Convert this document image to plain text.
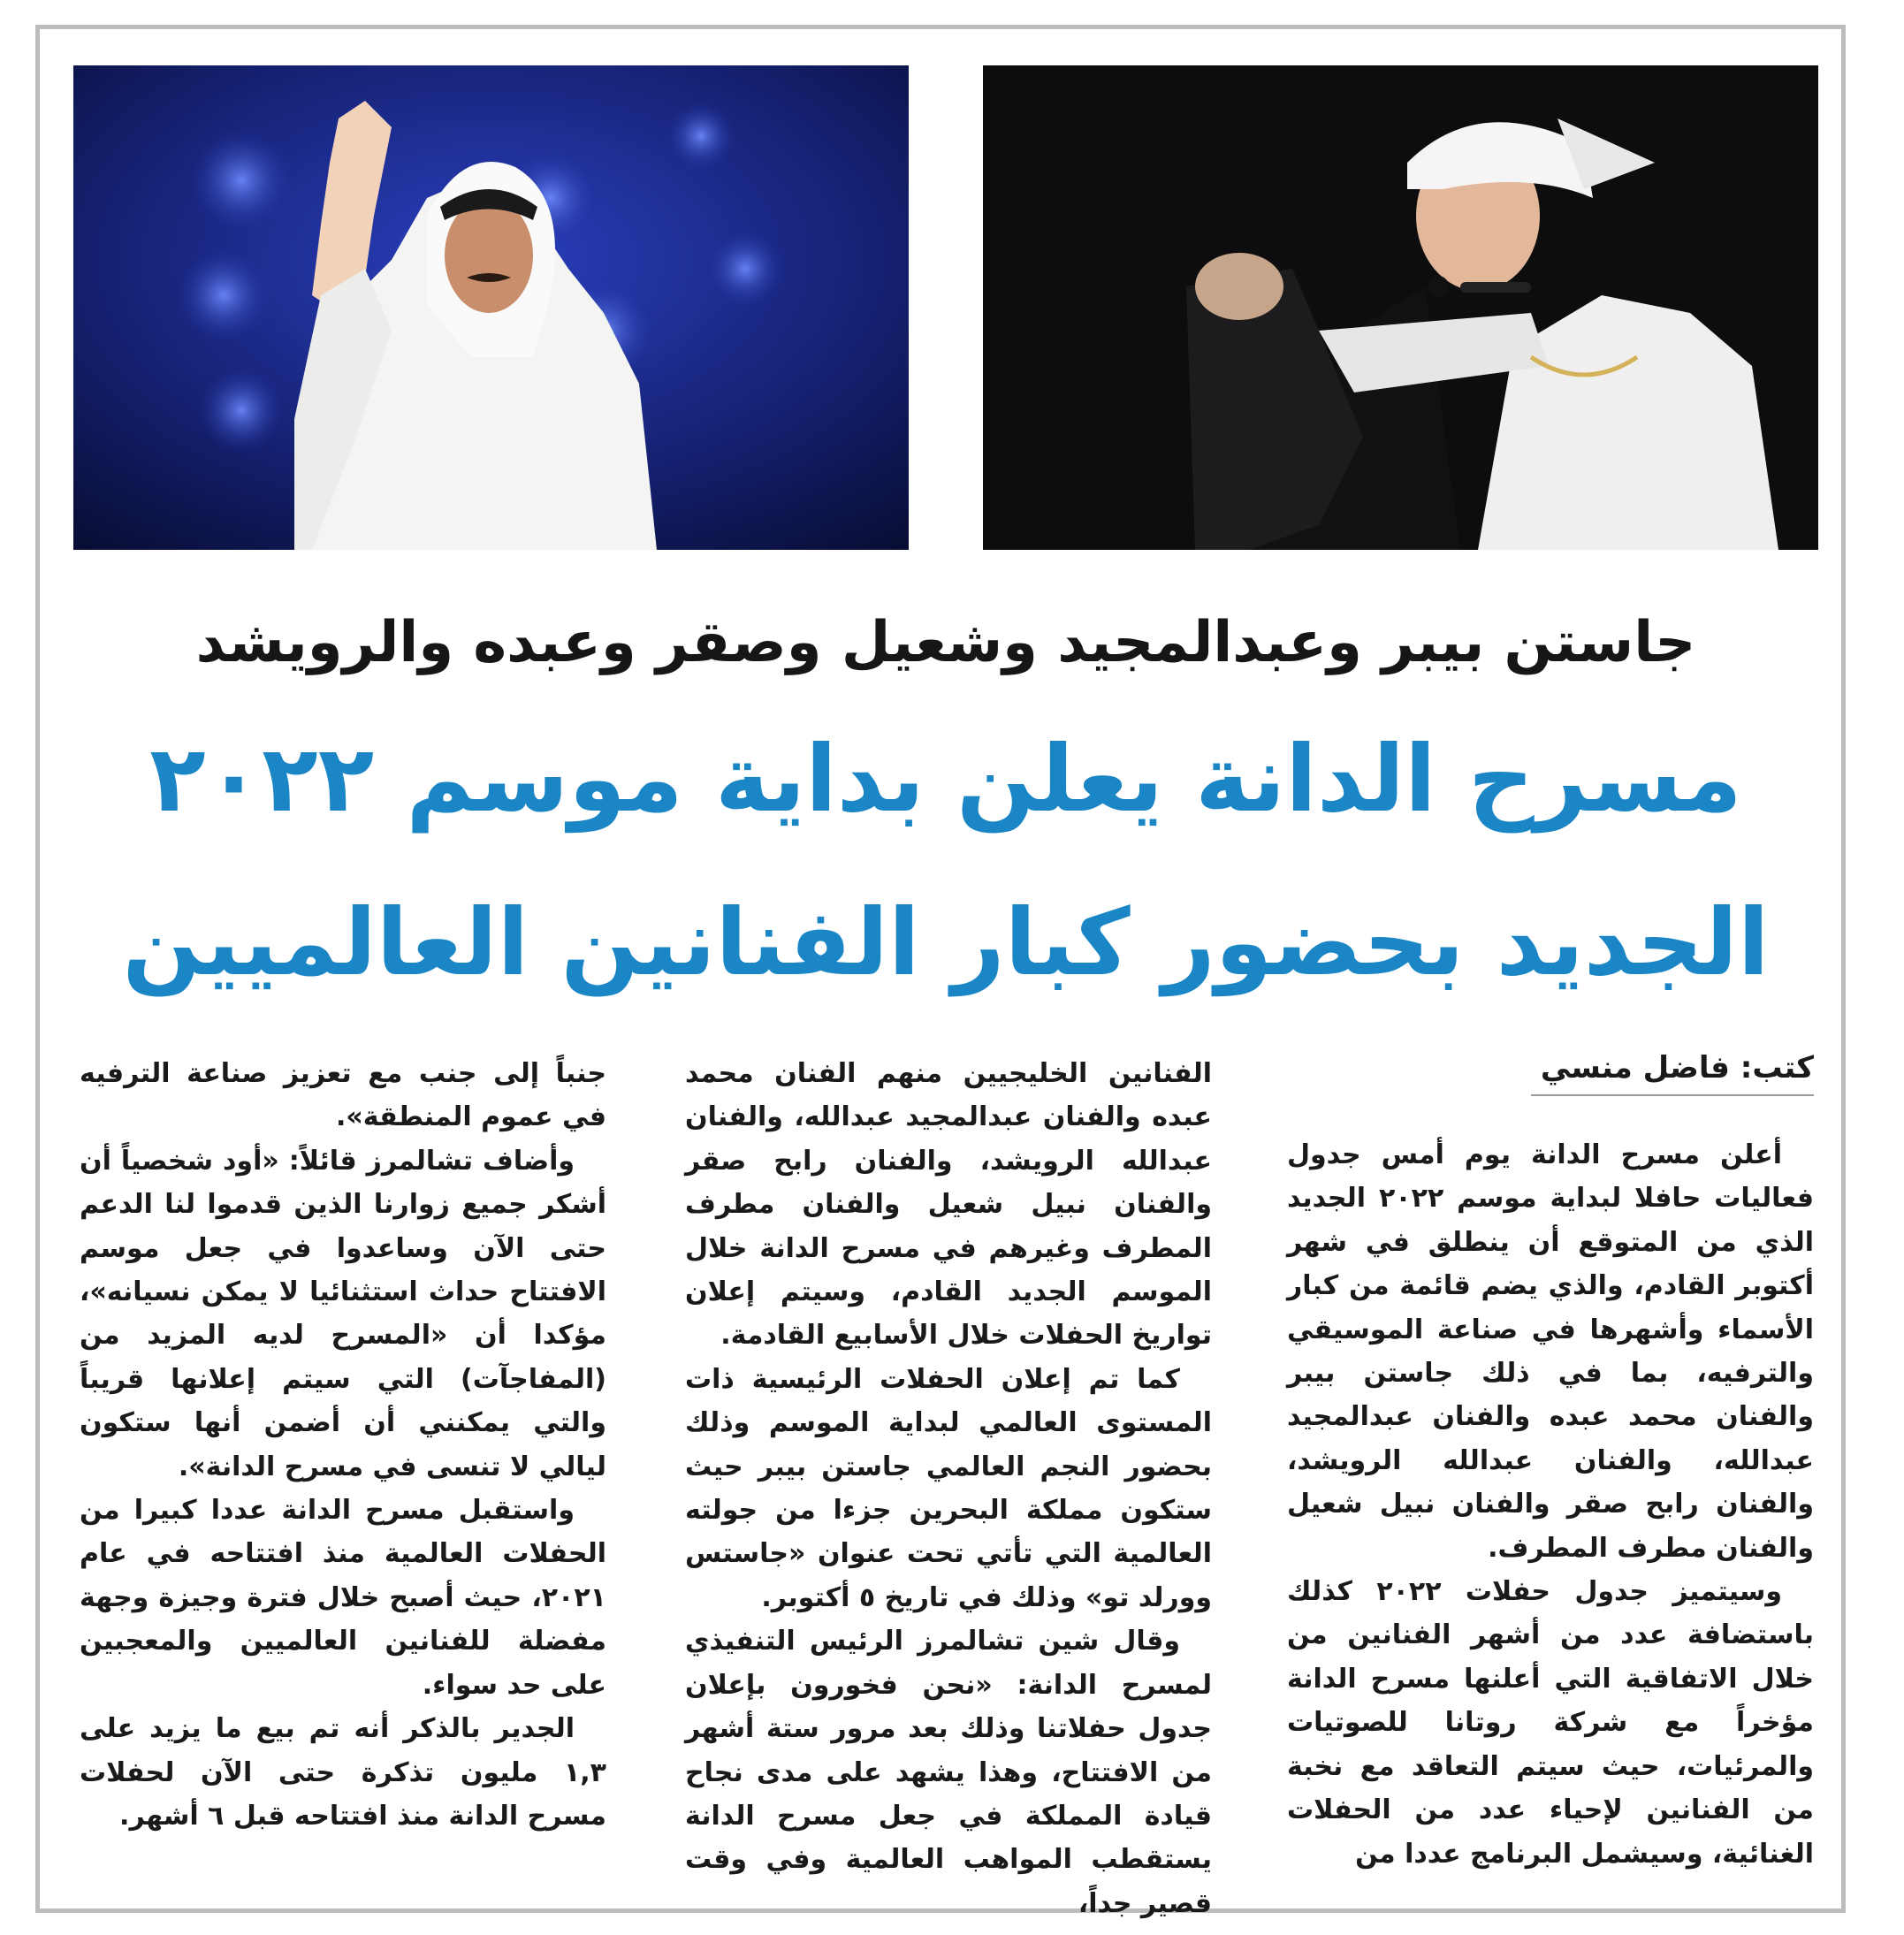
جاستن بيبر وعبدالمجيد وشعيل وصقر وعبده والرويشد
مسرح الدانة يعلن بداية موسم ٢٠٢٢
الجديد بحضور كبار الفنانين العالميين
كتب: فاضل منسي

أعلن مسرح الدانة يوم أمس جدول فعاليات حافلا لبداية موسم ٢٠٢٢ الجديد الذي من المتوقع أن ينطلق في شهر أكتوبر القادم، والذي يضم قائمة من كبار الأسماء وأشهرها في صناعة الموسيقي والترفيه، بما في ذلك جاستن بيبر والفنان محمد عبده والفنان عبدالمجيد عبدالله، والفنان عبدالله الرويشد، والفنان رابح صقر والفنان نبيل شعيل والفنان مطرف المطرف.

وسيتميز جدول حفلات ٢٠٢٢ كذلك باستضافة عدد من أشهر الفنانين من خلال الاتفاقية التي أعلنها مسرح الدانة مؤخراً مع شركة روتانا للصوتيات والمرئيات، حيث سيتم التعاقد مع نخبة من الفنانين لإحياء عدد من الحفلات الغنائية، وسيشمل البرنامج عددا من

الفنانين الخليجيين منهم الفنان محمد عبده والفنان عبدالمجيد عبدالله، والفنان عبدالله الرويشد، والفنان رابح صقر والفنان نبيل شعيل والفنان مطرف المطرف وغيرهم في مسرح الدانة خلال الموسم الجديد القادم، وسيتم إعلان تواريخ الحفلات خلال الأسابيع القادمة.

كما تم إعلان الحفلات الرئيسية ذات المستوى العالمي لبداية الموسم وذلك بحضور النجم العالمي جاستن بيبر حيث ستكون مملكة البحرين جزءا من جولته العالمية التي تأتي تحت عنوان «جاستس وورلد تو» وذلك في تاريخ ٥ أكتوبر.

وقال شين تشالمرز الرئيس التنفيذي لمسرح الدانة: «نحن فخورون بإعلان جدول حفلاتنا وذلك بعد مرور ستة أشهر من الافتتاح، وهذا يشهد على مدى نجاح قيادة المملكة في جعل مسرح الدانة يستقطب المواهب العالمية وفي وقت قصير جداً،

جنباً إلى جنب مع تعزيز صناعة الترفيه في عموم المنطقة».

وأضاف تشالمرز قائلاً: «أود شخصياً أن أشكر جميع زوارنا الذين قدموا لنا الدعم حتى الآن وساعدوا في جعل موسم الافتتاح حداث استثنائيا لا يمكن نسيانه»، مؤكدا أن «المسرح لديه المزيد من (المفاجآت) التي سيتم إعلانها قريباً والتي يمكنني أن أضمن أنها ستكون ليالي لا تنسى في مسرح الدانة».

واستقبل مسرح الدانة عددا كبيرا من الحفلات العالمية منذ افتتاحه في عام ٢٠٢١، حيث أصبح خلال فترة وجيزة وجهة مفضلة للفنانين العالميين والمعجبين على حد سواء.

الجدير بالذكر أنه تم بيع ما يزيد على ١,٣ مليون تذكرة حتى الآن لحفلات مسرح الدانة منذ افتتاحه قبل ٦ أشهر.
